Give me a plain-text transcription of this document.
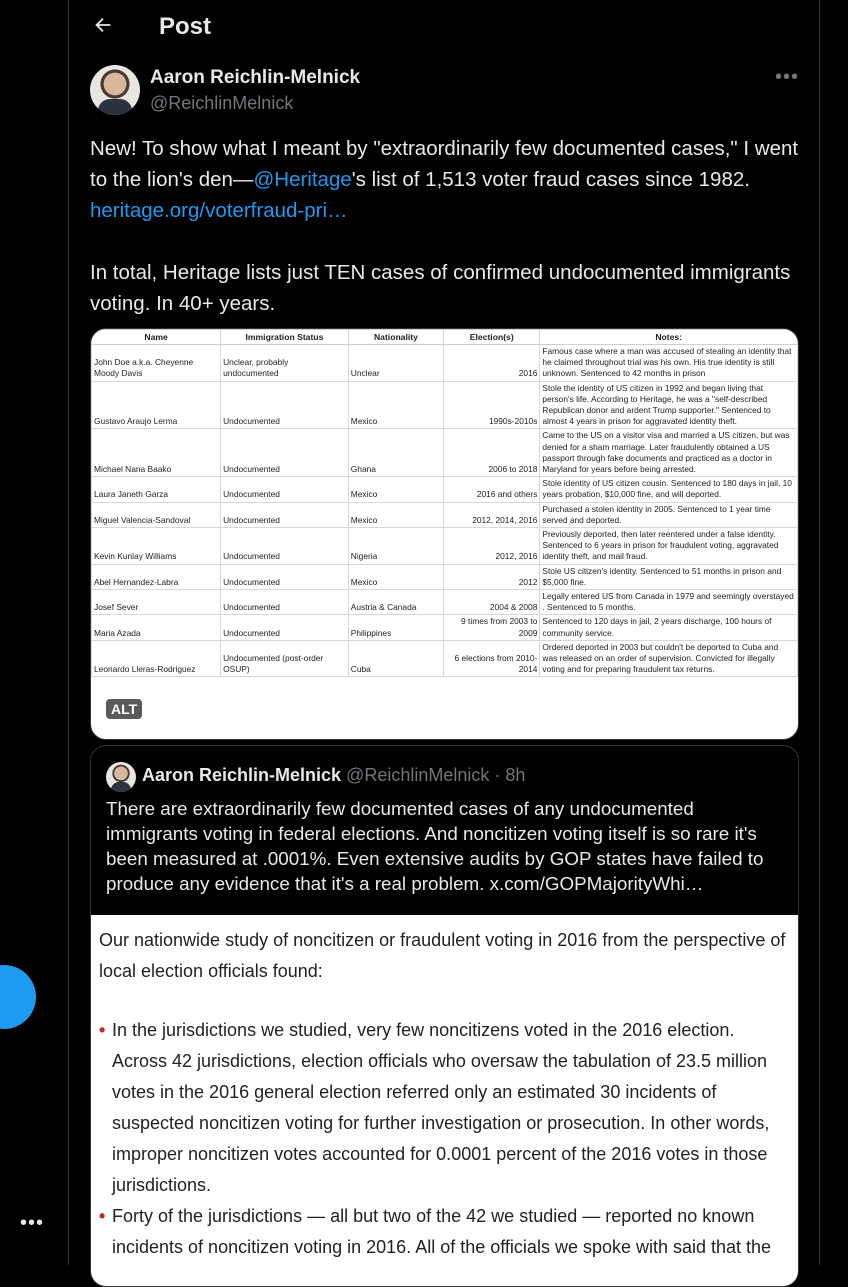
•••
Post
Aaron Reichlin-Melnick
@ReichlinMelnick
•••
New! To show what I meant by "extraordinarily few documented cases," I went to the lion's den—@Heritage's list of 1,513 voter fraud cases since 1982. heritage.org/voterfraud-pri…

In total, Heritage lists just TEN cases of confirmed undocumented immigrants voting. In 40+ years.
Name	Immigration Status	Nationality	Election(s)	Notes:
John Doe a.k.a. Cheyenne Moody Davis	Unclear, probably undocumented	Unclear	2016	Famous case where a man was accused of stealing an identity that he claimed throughout trial was his own. His true identity is still unknown. Sentenced to 42 months in prison
Gustavo Araujo Lerma	Undocumented	Mexico	1990s-2010s	Stole the identity of US citizen in 1992 and began living that person's life. According to Heritage, he was a "self-described Republican donor and ardent Trump supporter." Sentenced to almost 4 years in prison for aggravated identity theft.
Michael Nana Baako	Undocumented	Ghana	2006 to 2018	Came to the US on a visitor visa and married a US citizen, but was denied for a sham marriage. Later fraudulently obtained a US passport through fake documents and practiced as a doctor in Maryland for years before being arrested.
Laura Janeth Garza	Undocumented	Mexico	2016 and others	Stole identity of US citizen cousin. Sentenced to 180 days in jail, 10 years probation, $10,000 fine, and will deported.
Miguel Valencia-Sandoval	Undocumented	Mexico	2012, 2014, 2016	Purchased a stolen identity in 2005. Sentenced to 1 year time served and deported.
Kevin Kunlay Williams	Undocumented	Nigeria	2012, 2016	Previously deported, then later reentered under a false identity. Sentenced to 6 years in prison for fraudulent voting, aggravated identity theft, and mail fraud.
Abel Hernandez-Labra	Undocumented	Mexico	2012	Stole US citizen's identity. Sentenced to 51 months in prison and $5,000 fine.
Josef Sever	Undocumented	Austria & Canada	2004 & 2008	Legally entered US from Canada in 1979 and seemingly overstayed . Sentenced to 5 months.
Maria Azada	Undocumented	Philippines	9 times from 2003 to 2009	Sentenced to 120 days in jail, 2 years discharge, 100 hours of community service.
Leonardo Lleras-Rodriguez	Undocumented (post-order OSUP)	Cuba	6 elections from 2010-2014	Ordered deported in 2003 but couldn't be deported to Cuba and was released on an order of supervision. Convicted for illegally voting and for preparing fraudulent tax returns.
ALT
Aaron Reichlin-Melnick @ReichlinMelnick · 8h
There are extraordinarily few documented cases of any undocumented immigrants voting in federal elections. And noncitizen voting itself is so rare it's been measured at .0001%. Even extensive audits by GOP states have failed to produce any evidence that it's a real problem. x.com/GOPMajorityWhi…
Our nationwide study of noncitizen or fraudulent voting in 2016 from the perspective of local election officials found:
• In the jurisdictions we studied, very few noncitizens voted in the 2016 election. Across 42 jurisdictions, election officials who oversaw the tabulation of 23.5 million votes in the 2016 general election referred only an estimated 30 incidents of suspected noncitizen voting for further investigation or prosecution. In other words, improper noncitizen votes accounted for 0.0001 percent of the 2016 votes in those jurisdictions.
• Forty of the jurisdictions — all but two of the 42 we studied — reported no known incidents of noncitizen voting in 2016. All of the officials we spoke with said that the
